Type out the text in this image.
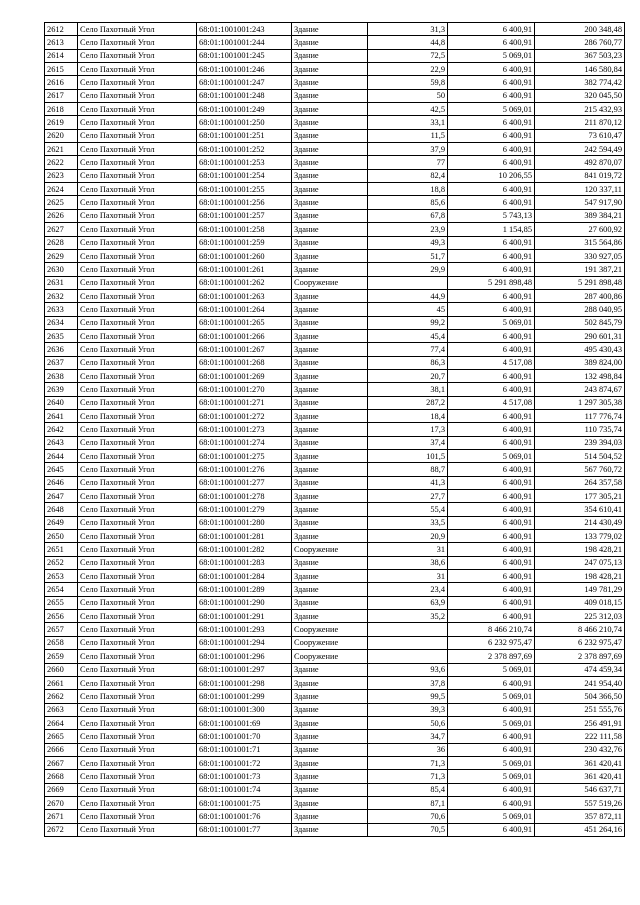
2612	Село Пахотный Угол	68:01:1001001:243	Здание	31,3	6 400,91	200 348,48
2613	Село Пахотный Угол	68:01:1001001:244	Здание	44,8	6 400,91	286 760,77
2614	Село Пахотный Угол	68:01:1001001:245	Здание	72,5	5 069,01	367 503,23
2615	Село Пахотный Угол	68:01:1001001:246	Здание	22,9	6 400,91	146 580,84
2616	Село Пахотный Угол	68:01:1001001:247	Здание	59,8	6 400,91	382 774,42
2617	Село Пахотный Угол	68:01:1001001:248	Здание	50	6 400,91	320 045,50
2618	Село Пахотный Угол	68:01:1001001:249	Здание	42,5	5 069,01	215 432,93
2619	Село Пахотный Угол	68:01:1001001:250	Здание	33,1	6 400,91	211 870,12
2620	Село Пахотный Угол	68:01:1001001:251	Здание	11,5	6 400,91	73 610,47
2621	Село Пахотный Угол	68:01:1001001:252	Здание	37,9	6 400,91	242 594,49
2622	Село Пахотный Угол	68:01:1001001:253	Здание	77	6 400,91	492 870,07
2623	Село Пахотный Угол	68:01:1001001:254	Здание	82,4	10 206,55	841 019,72
2624	Село Пахотный Угол	68:01:1001001:255	Здание	18,8	6 400,91	120 337,11
2625	Село Пахотный Угол	68:01:1001001:256	Здание	85,6	6 400,91	547 917,90
2626	Село Пахотный Угол	68:01:1001001:257	Здание	67,8	5 743,13	389 384,21
2627	Село Пахотный Угол	68:01:1001001:258	Здание	23,9	1 154,85	27 600,92
2628	Село Пахотный Угол	68:01:1001001:259	Здание	49,3	6 400,91	315 564,86
2629	Село Пахотный Угол	68:01:1001001:260	Здание	51,7	6 400,91	330 927,05
2630	Село Пахотный Угол	68:01:1001001:261	Здание	29,9	6 400,91	191 387,21
2631	Село Пахотный Угол	68:01:1001001:262	Сооружение		5 291 898,48	5 291 898,48
2632	Село Пахотный Угол	68:01:1001001:263	Здание	44,9	6 400,91	287 400,86
2633	Село Пахотный Угол	68:01:1001001:264	Здание	45	6 400,91	288 040,95
2634	Село Пахотный Угол	68:01:1001001:265	Здание	99,2	5 069,01	502 845,79
2635	Село Пахотный Угол	68:01:1001001:266	Здание	45,4	6 400,91	290 601,31
2636	Село Пахотный Угол	68:01:1001001:267	Здание	77,4	6 400,91	495 430,43
2637	Село Пахотный Угол	68:01:1001001:268	Здание	86,3	4 517,08	389 824,00
2638	Село Пахотный Угол	68:01:1001001:269	Здание	20,7	6 400,91	132 498,84
2639	Село Пахотный Угол	68:01:1001001:270	Здание	38,1	6 400,91	243 874,67
2640	Село Пахотный Угол	68:01:1001001:271	Здание	287,2	4 517,08	1 297 305,38
2641	Село Пахотный Угол	68:01:1001001:272	Здание	18,4	6 400,91	117 776,74
2642	Село Пахотный Угол	68:01:1001001:273	Здание	17,3	6 400,91	110 735,74
2643	Село Пахотный Угол	68:01:1001001:274	Здание	37,4	6 400,91	239 394,03
2644	Село Пахотный Угол	68:01:1001001:275	Здание	101,5	5 069,01	514 504,52
2645	Село Пахотный Угол	68:01:1001001:276	Здание	88,7	6 400,91	567 760,72
2646	Село Пахотный Угол	68:01:1001001:277	Здание	41,3	6 400,91	264 357,58
2647	Село Пахотный Угол	68:01:1001001:278	Здание	27,7	6 400,91	177 305,21
2648	Село Пахотный Угол	68:01:1001001:279	Здание	55,4	6 400,91	354 610,41
2649	Село Пахотный Угол	68:01:1001001:280	Здание	33,5	6 400,91	214 430,49
2650	Село Пахотный Угол	68:01:1001001:281	Здание	20,9	6 400,91	133 779,02
2651	Село Пахотный Угол	68:01:1001001:282	Сооружение	31	6 400,91	198 428,21
2652	Село Пахотный Угол	68:01:1001001:283	Здание	38,6	6 400,91	247 075,13
2653	Село Пахотный Угол	68:01:1001001:284	Здание	31	6 400,91	198 428,21
2654	Село Пахотный Угол	68:01:1001001:289	Здание	23,4	6 400,91	149 781,29
2655	Село Пахотный Угол	68:01:1001001:290	Здание	63,9	6 400,91	409 018,15
2656	Село Пахотный Угол	68:01:1001001:291	Здание	35,2	6 400,91	225 312,03
2657	Село Пахотный Угол	68:01:1001001:293	Сооружение		8 466 210,74	8 466 210,74
2658	Село Пахотный Угол	68:01:1001001:294	Сооружение		6 232 975,47	6 232 975,47
2659	Село Пахотный Угол	68:01:1001001:296	Сооружение		2 378 897,69	2 378 897,69
2660	Село Пахотный Угол	68:01:1001001:297	Здание	93,6	5 069,01	474 459,34
2661	Село Пахотный Угол	68:01:1001001:298	Здание	37,8	6 400,91	241 954,40
2662	Село Пахотный Угол	68:01:1001001:299	Здание	99,5	5 069,01	504 366,50
2663	Село Пахотный Угол	68:01:1001001:300	Здание	39,3	6 400,91	251 555,76
2664	Село Пахотный Угол	68:01:1001001:69	Здание	50,6	5 069,01	256 491,91
2665	Село Пахотный Угол	68:01:1001001:70	Здание	34,7	6 400,91	222 111,58
2666	Село Пахотный Угол	68:01:1001001:71	Здание	36	6 400,91	230 432,76
2667	Село Пахотный Угол	68:01:1001001:72	Здание	71,3	5 069,01	361 420,41
2668	Село Пахотный Угол	68:01:1001001:73	Здание	71,3	5 069,01	361 420,41
2669	Село Пахотный Угол	68:01:1001001:74	Здание	85,4	6 400,91	546 637,71
2670	Село Пахотный Угол	68:01:1001001:75	Здание	87,1	6 400,91	557 519,26
2671	Село Пахотный Угол	68:01:1001001:76	Здание	70,6	5 069,01	357 872,11
2672	Село Пахотный Угол	68:01:1001001:77	Здание	70,5	6 400,91	451 264,16
